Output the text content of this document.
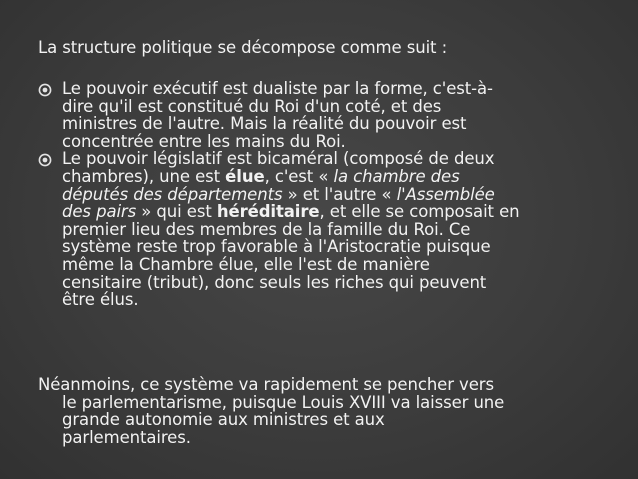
La structure politique se décompose comme suit :
Le pouvoir exécutif est dualiste par la forme, c'est-à-
dire qu'il est constitué du Roi d'un coté, et des
ministres de l'autre. Mais la réalité du pouvoir est
concentrée entre les mains du Roi.
Le pouvoir législatif est bicaméral (composé de deux
chambres), une est élue, c'est « la chambre des
députés des départements » et l'autre « l'Assemblée
des pairs » qui est héréditaire, et elle se composait en
premier lieu des membres de la famille du Roi. Ce
système reste trop favorable à l'Aristocratie puisque
même la Chambre élue, elle l'est de manière
censitaire (tribut), donc seuls les riches qui peuvent
être élus.
Néanmoins, ce système va rapidement se pencher vers
le parlementarisme, puisque Louis XVIII va laisser une
grande autonomie aux ministres et aux
parlementaires.
